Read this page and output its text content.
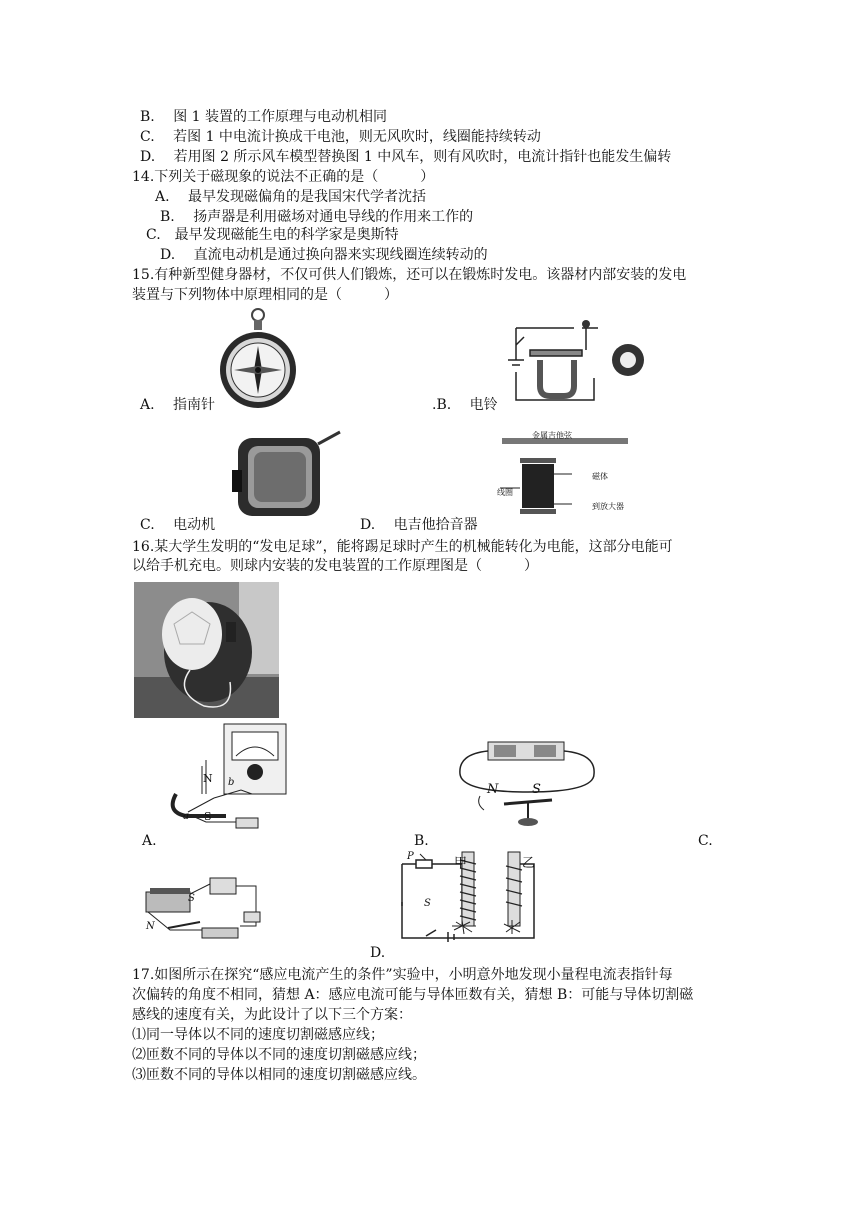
B.　 图 1 装置的工作原理与电动机相同
C.　 若图 1 中电流计换成干电池，则无风吹时，线圈能持续转动
D.　 若用图 2 所示风车模型替换图 1 中风车，则有风吹时，电流计指针也能发生偏转
14.下列关于磁现象的说法不正确的是（　　　）
A.　 最早发现磁偏角的是我国宋代学者沈括
B.　 扬声器是利用磁场对通电导线的作用来工作的
C.　最早发现磁能生电的科学家是奥斯特
D.　 直流电动机是通过换向器来实现线圈连续转动的
15.有种新型健身器材，不仅可供人们锻炼，还可以在锻炼时发电。该器材内部安装的发电
装置与下列物体中原理相同的是（　　　）
A.　 指南针	.B.　 电铃
金属吉他弦
磁体
线圈
到放大器
C.　 电动机	D.　 电吉他拾音器
16.某大学生发明的“发电足球”，能将踢足球时产生的机械能转化为电能，这部分电能可
以给手机充电。则球内安装的发电装置的工作原理图是（　　　）
N b
a S
N	S
A.	B.	C.
S
N
P
S
甲	乙
D.
17.如图所示在探究“感应电流产生的条件”实验中，小明意外地发现小量程电流表指针每
次偏转的角度不相同，猜想 A：感应电流可能与导体匝数有关，猜想 B：可能与导体切割磁
感线的速度有关，为此设计了以下三个方案：
⑴同一导体以不同的速度切割磁感应线；
⑵匝数不同的导体以不同的速度切割磁感应线；
⑶匝数不同的导体以相同的速度切割磁感应线。
